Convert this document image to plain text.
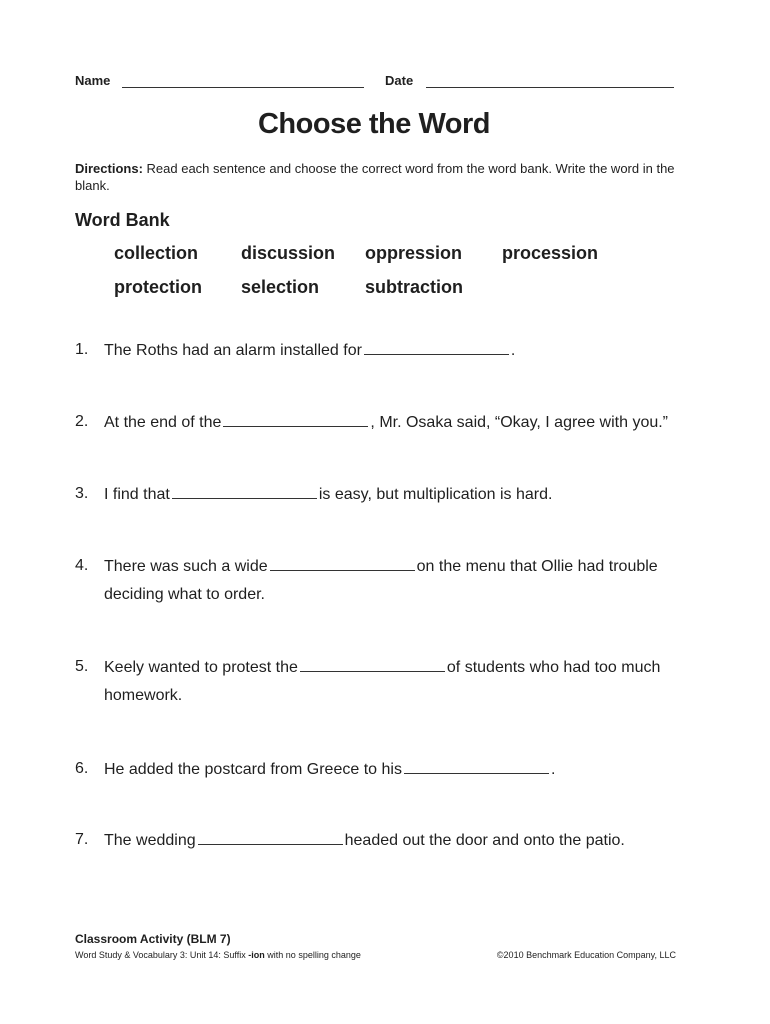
Name	Date
Choose the Word
Directions: Read each sentence and choose the correct word from the word bank. Write the word in the blank.
Word Bank
collection discussion oppression procession
protection selection	subtraction
1. The Roths had an alarm installed for	.
2. At the end of the	, Mr. Osaka said, “Okay, I agree with you.”
3. I find that	is easy, but multiplication is hard.
4. There was such a wide	on the menu that Ollie had trouble
deciding what to order.
5. Keely wanted to protest the	of students who had too much
homework.
6. He added the postcard from Greece to his	.
7. The wedding	headed out the door and onto the patio.
Classroom Activity (BLM 7)
Word Study & Vocabulary 3: Unit 14: Suffix -ion with no spelling change	©2010 Benchmark Education Company, LLC
